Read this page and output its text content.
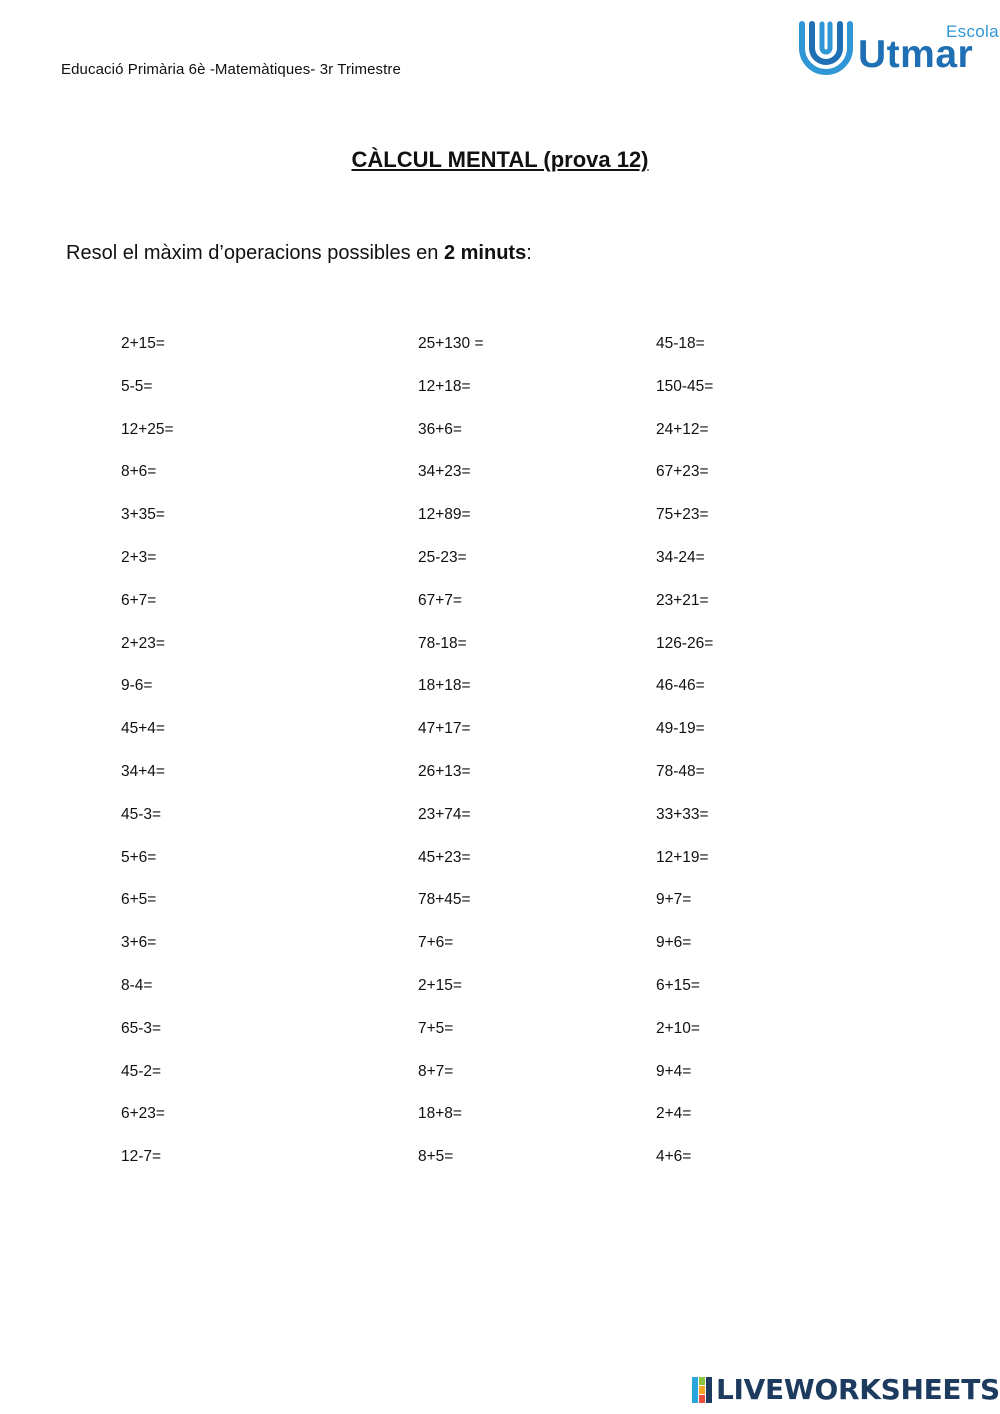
Educació Primària 6è -Matemàtiques- 3r Trimestre
Escola
Utmar
CÀLCUL MENTAL (prova 12)
Resol el màxim d’operacions possibles en 2 minuts:
2+15=
5-5=
12+25=
8+6=
3+35=
2+3=
6+7=
2+23=
9-6=
45+4=
34+4=
45-3=
5+6=
6+5=
3+6=
8-4=
65-3=
45-2=
6+23=
12-7=
25+130 =
12+18=
36+6=
34+23=
12+89=
25-23=
67+7=
78-18=
18+18=
47+17=
26+13=
23+74=
45+23=
78+45=
7+6=
2+15=
7+5=
8+7=
18+8=
8+5=
45-18=
150-45=
24+12=
67+23=
75+23=
34-24=
23+21=
126-26=
46-46=
49-19=
78-48=
33+33=
12+19=
9+7=
9+6=
6+15=
2+10=
9+4=
2+4=
4+6=
LIVEWORKSHEETS
